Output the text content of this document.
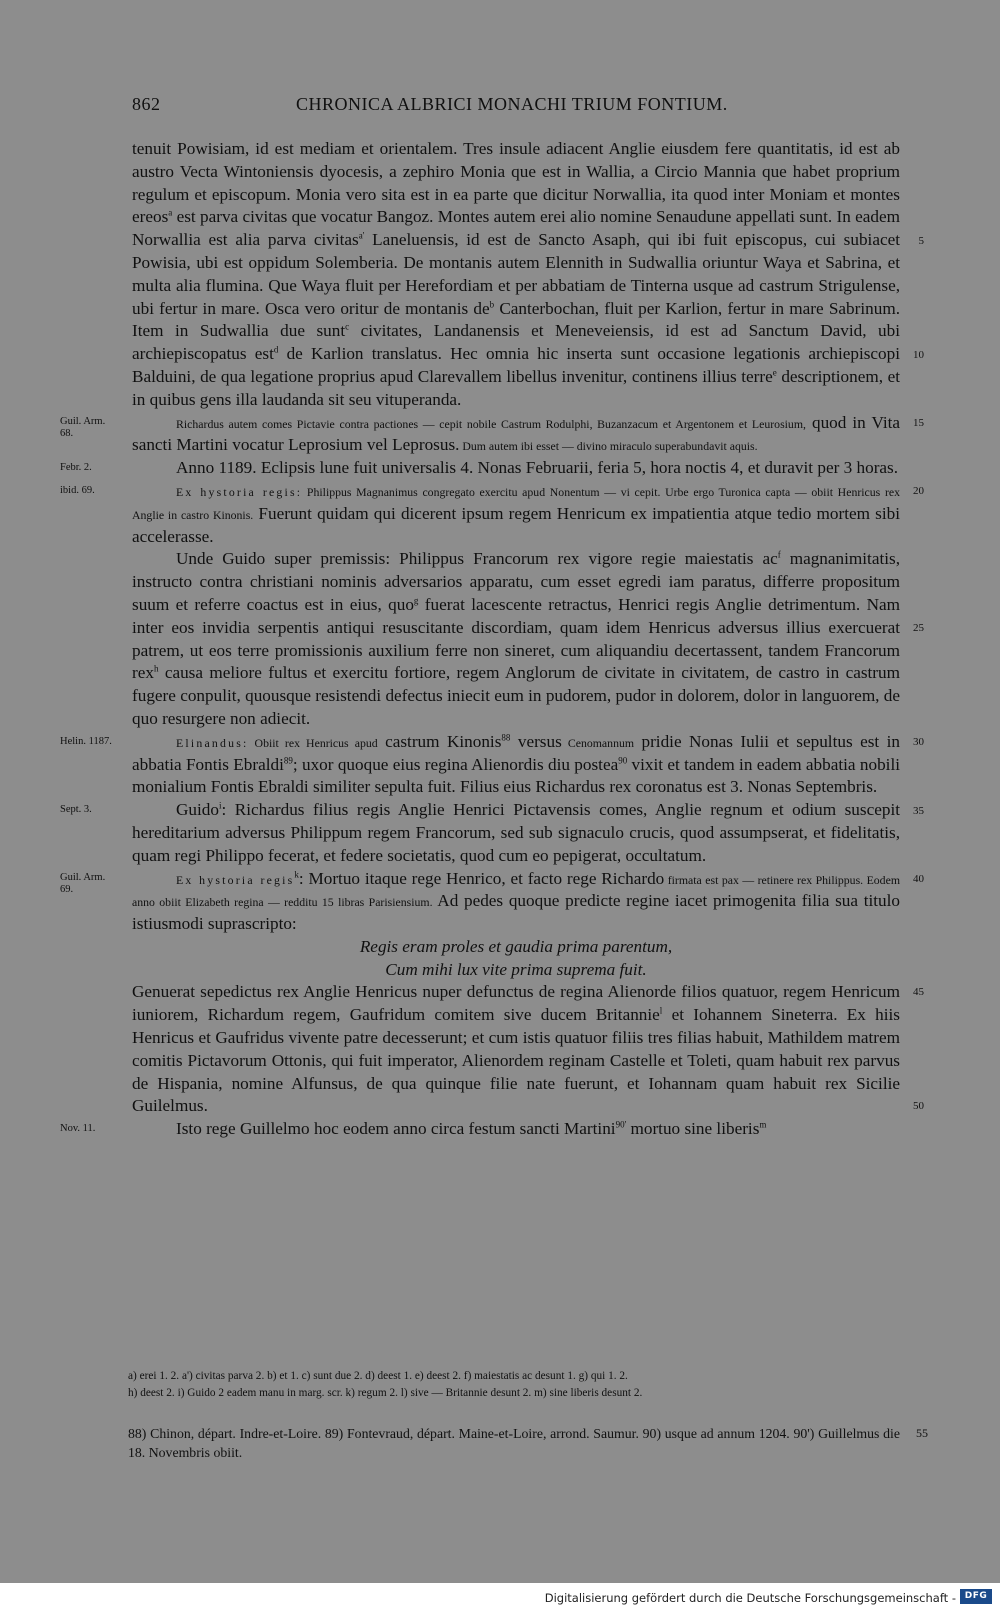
862	CHRONICA ALBRICI MONACHI TRIUM FONTIUM.
5
10

tenuit Powisiam, id est mediam et orientalem. Tres insule adiacent Anglie eiusdem fere quantitatis, id est ab austro Vecta Wintoniensis dyocesis, a zephiro Monia que est in Wallia, a Circio Mannia que habet proprium regulum et episcopum. Monia vero sita est in ea parte que dicitur Norwallia, ita quod inter Moniam et montes ereos$^a$ est parva civitas que vocatur Bangoz. Montes autem erei alio nomine Senaudune appellati sunt. In eadem Norwallia est alia parva civitas$^{a'}$ Laneluensis, id est de Sancto Asaph, qui ibi fuit episcopus, cui subiacet Powisia, ubi est oppidum Solemberia. De montanis autem Elennith in Sudwallia oriuntur Waya et Sabrina, et multa alia flumina. Que Waya fluit per Herefordiam et per abbatiam de Tinterna usque ad castrum Strigulense, ubi fertur in mare. Osca vero oritur de montanis $de^b$ Canterbochan, fluit per Karlion, fertur in mare Sabrinum. Item in Sudwallia due sunt$^c$ civitates, Landanensis et Meneveiensis, id est ad Sanctum David, ubi archiepiscopatus est$^d$ de Karlion translatus. Hec omnia hic inserta sunt occasione legationis archiepiscopi Balduini, de qua legatione proprius apud Clarevallem libellus invenitur, continens illius terre$^e$ descriptionem, et in quibus gens illa laudanda sit seu vituperanda.

Guil. Arm.
68.
15

Richardus autem comes Pictavie contra pactiones — cepit nobile Castrum Rodulphi, Buzanzacum et Argentonem et Leurosium, quod in Vita sancti Martini vocatur Leprosium vel Leprosus. Dum autem ibi esset — divino miraculo superabundavit aquis.

Febr. 2.	Anno 1189. Eclipsis lune fuit universalis 4. Nonas Februarii, feria 5, hora noctis 4, et duravit per 3 horas.

ibid. 69.	20

Ex hystoria regis: Philippus Magnanimus congregato exercitu apud Nonentum — vi cepit. Urbe ergo Turonica capta — obiit Henricus rex Anglie in castro Kinonis. Fuerunt quidam qui dicerent ipsum regem Henricum ex impatientia atque tedio mortem sibi accelerasse.

25
30

Unde Guido super premissis: Philippus Francorum rex vigore regie maiestatis $ac^f$ magnanimitatis, instructo contra christiani nominis adversarios apparatu, cum esset egredi iam paratus, differre propositum suum et referre coactus est in eius, quo$^g$ fuerat lacescente retractus, Henrici regis Anglie detrimentum. Nam inter eos invidia serpentis antiqui resuscitante discordiam, quam idem Henricus adversus illius exercuerat patrem, ut eos terre promissionis auxilium ferre non sineret, cum aliquandiu decertassent, tandem Francorum rex$^h$ causa meliore fultus et exercitu fortiore, regem Anglorum de civitate in civitatem, de castro in castrum fugere conpulit, quousque resistendi defectus iniecit eum in pudorem, pudor in dolorem, dolor in languorem, de quo resurgere non adiecit.

Helin. 1187.
35

Elinandus: Obiit rex Henricus apud castrum Kinonis$^{88}$ versus Cenomannum pridie Nonas Iulii et sepultus est in abbatia Fontis Ebraldi$^{89}$; uxor quoque eius regina Alienordis diu postea$^{90}$ vixit et tandem in eadem abbatia nobili monialium Fontis Ebraldi similiter sepulta fuit. Filius eius Richardus rex coronatus est 3. Nonas Septembris.

Sept. 3.	Guido$^i$: Richardus filius regis Anglie Henrici Pictavensis comes, Anglie regnum et odium suscepit hereditarium adversus Philippum regem Francorum, sed sub signaculo crucis, quod assumpserat, et fidelitatis, quam regi Philippo fecerat, et federe societatis, quod cum eo pepigerat, occultatum.

Guil. Arm.
69.
40

Ex hystoria regis$^k$: Mortuo itaque rege Henrico, et facto rege Richardo firmata est pax — retinere rex Philippus. Eodem anno obiit Elizabeth regina — redditu 15 libras Parisiensium. Ad pedes quoque predicte regine iacet primogenita filia sua titulo istiusmodi suprascripto:

Regis eram proles et gaudia prima parentum,

Cum mihi lux vite prima suprema fuit.

45
50

Genuerat sepedictus rex Anglie Henricus nuper defunctus de regina Alienorde filios quatuor, regem Henricum iuniorem, Richardum regem, Gaufridum comitem sive ducem Britannie$^l$ et Iohannem Sineterra. Ex hiis Henricus et Gaufridus vivente patre decesserunt; et cum istis quatuor filiis tres filias habuit, Mathildem matrem comitis Pictavorum Ottonis, qui fuit imperator, Alienordem reginam Castelle et Toleti, quam habuit rex parvus de Hispania, nomine Alfunsus, de qua quinque filie nate fuerunt, et Iohannam quam habuit rex Sicilie Guilelmus.

Nov. 11.	Isto rege Guillelmo hoc eodem anno circa festum sancti Martini$^{90'}$ mortuo sine liberis$^m$

a) erei 1. 2. a') civitas parva 2. b) et 1. c) sunt due 2. d) deest 1. e) deest 2. f) maiestatis ac desunt 1. g) qui 1. 2.
h) deest 2. i) Guido 2 eadem manu in marg. scr. k) regum 2. l) sive — Britannie desunt 2. m) sine liberis desunt 2.
55
88) Chinon, départ. Indre-et-Loire. 89) Fontevraud, départ. Maine-et-Loire, arrond. Saumur. 90) usque ad annum 1204. 90') Guillelmus die 18. Novembris obiit.
Digitalisierung gefördert durch die Deutsche Forschungsgemeinschaft - DFG
